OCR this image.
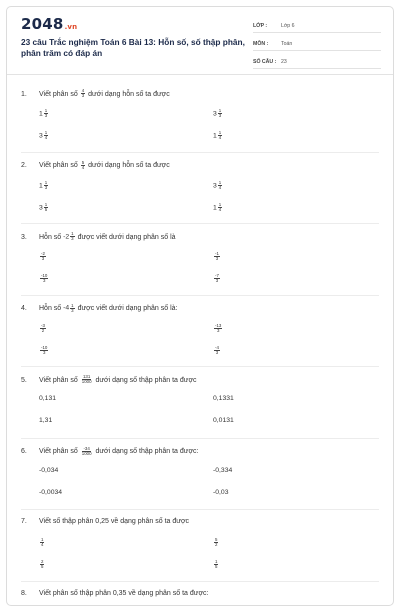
2048.vn
23 câu Trắc nghiệm Toán 6 Bài 13: Hỗn số, số thập phân, phân trăm có đáp án
LỚP :	Lớp 6
MÔN :	Toán
SỐ CÂU : 23
1. Viết phân số $\frac{4}{3}$ dưới dạng hỗn số ta được
$1 \frac{1}{3}$	$3 \frac{1}{3}$
$3 \frac{1}{4}$	$1 \frac{1}{4}$
2. Viết phân số $\frac{5}{4}$ dưới dạng hỗn số ta được
$1 \frac{1}{3}$	$3 \frac{1}{4}$
$3 \frac{1}{5}$	$1 \frac{1}{4}$
3. Hỗn số $-2 \frac{1}{3}$ được viết dưới dạng phân số là
$\frac{-2}{3}$	$\frac{-1}{3}$
$\frac{-10}{3}$	$\frac{-7}{3}$
4. Hỗn số $-4 \frac{1}{3}$ được viết dưới dạng phân số là:
$\frac{-3}{2}$	$\frac{-13}{3}$
$\frac{-10}{3}$	$\frac{-4}{3}$
5. Viết phân số $\frac{131}{1000}$ dưới dạng số thập phân ta được
0,131	0,1331
1,31	0,0131
6. Viết phân số $\frac{-34}{1000}$ dưới dạng số thập phân ta được:
-0,034	-0,334
-0,0034	-0,03
7. Viết số thập phân 0,25 về dạng phân số ta được
$\frac{1}{4}$	$\frac{5}{2}$
$\frac{2}{5}$	$\frac{1}{5}$
8. Viết phân số thập phân 0,35 về dạng phân số ta được:
